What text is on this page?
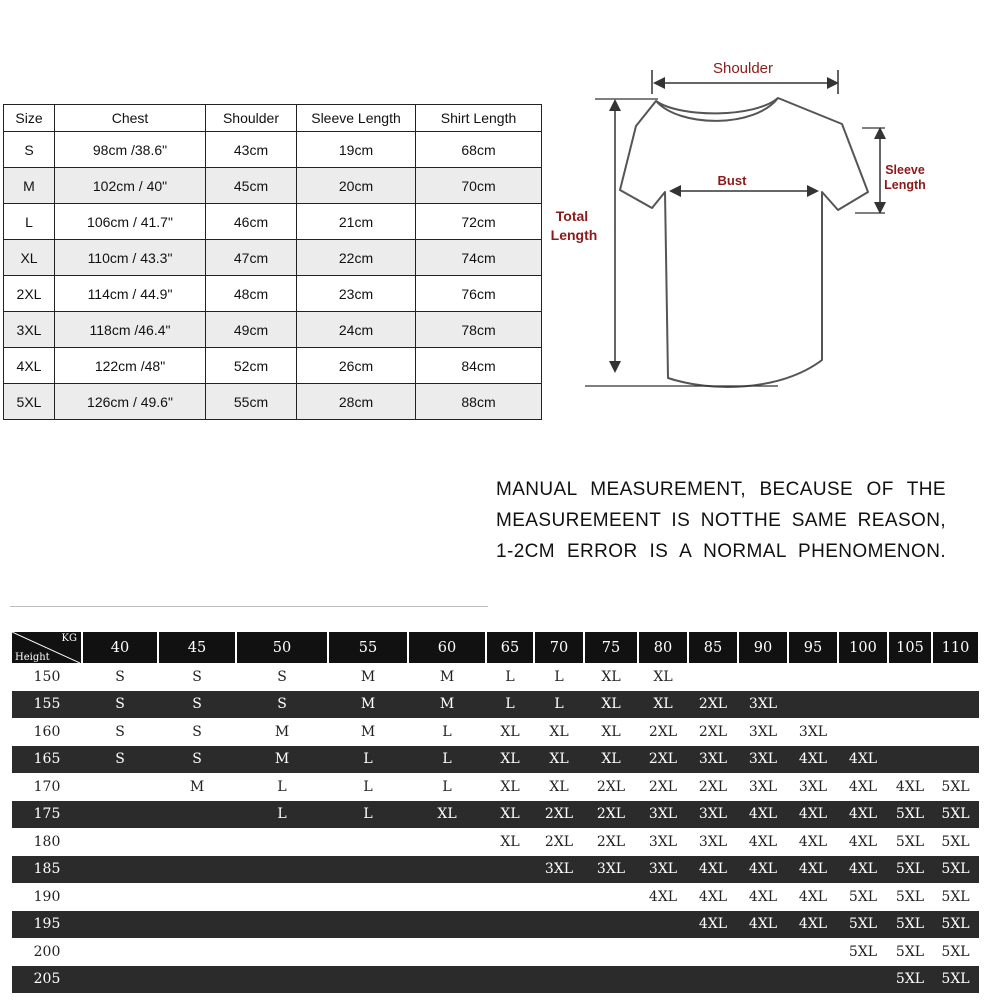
Size	Chest	Shoulder	Sleeve Length	Shirt Length
S	98cm /38.6"	43cm	19cm	68cm
M	102cm / 40"	45cm	20cm	70cm
L	106cm / 41.7"	46cm	21cm	72cm
XL	110cm / 43.3"	47cm	22cm	74cm
2XL	114cm / 44.9"	48cm	23cm	76cm
3XL	118cm /46.4"	49cm	24cm	78cm
4XL	122cm /48"	52cm	26cm	84cm
5XL	126cm / 49.6"	55cm	28cm	88cm
Shoulder
Bust
Sleeve
Length
Total
Length
MANUAL MEASUREMENT, BECAUSE OF THE
MEASUREMEENT IS NOTTHE SAME REASON,
1-2CM ERROR IS A NORMAL PHENOMENON.
KG
Height	40	45	50	55	60	65	70	75	80	85	90	95	100	105	110
150	S	S	S	M	M	L	L	XL	XL						
155	S	S	S	M	M	L	L	XL	XL	2XL	3XL				
160	S	S	M	M	L	XL	XL	XL	2XL	2XL	3XL	3XL			
165	S	S	M	L	L	XL	XL	XL	2XL	3XL	3XL	4XL	4XL		
170		M	L	L	L	XL	XL	2XL	2XL	2XL	3XL	3XL	4XL	4XL	5XL
175			L	L	XL	XL	2XL	2XL	3XL	3XL	4XL	4XL	4XL	5XL	5XL
180						XL	2XL	2XL	3XL	3XL	4XL	4XL	4XL	5XL	5XL
185							3XL	3XL	3XL	4XL	4XL	4XL	4XL	5XL	5XL
190									4XL	4XL	4XL	4XL	5XL	5XL	5XL
195										4XL	4XL	4XL	5XL	5XL	5XL
200													5XL	5XL	5XL
205														5XL	5XL
